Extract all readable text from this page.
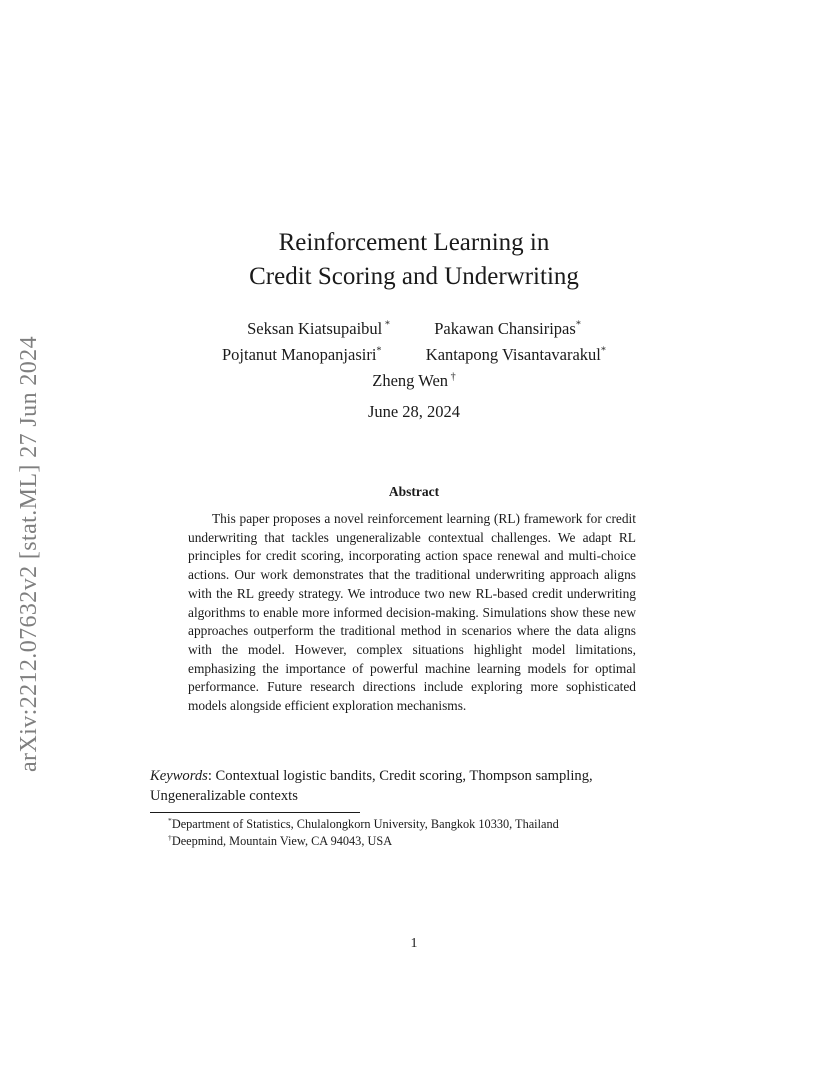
arXiv:2212.07632v2 [stat.ML] 27 Jun 2024
Reinforcement Learning in
Credit Scoring and Underwriting
Seksan Kiatsupaibul *	Pakawan Chansiripas*
Pojtanut Manopanjasiri*	Kantapong Visantavarakul*
Zheng Wen †
June 28, 2024
Abstract
This paper proposes a novel reinforcement learning (RL) framework for credit underwriting that tackles ungeneralizable contextual challenges. We adapt RL principles for credit scoring, incorporating action space renewal and multi-choice actions. Our work demonstrates that the traditional underwriting approach aligns with the RL greedy strategy. We introduce two new RL-based credit underwriting algorithms to enable more informed decision-making. Simulations show these new approaches outperform the traditional method in scenarios where the data aligns with the model. However, complex situations highlight model limitations, emphasizing the importance of powerful machine learning models for optimal performance. Future research directions include exploring more sophisticated models alongside efficient exploration mechanisms.
Keywords: Contextual logistic bandits, Credit scoring, Thompson sampling, Ungeneralizable contexts
*Department of Statistics, Chulalongkorn University, Bangkok 10330, Thailand
†Deepmind, Mountain View, CA 94043, USA
1
